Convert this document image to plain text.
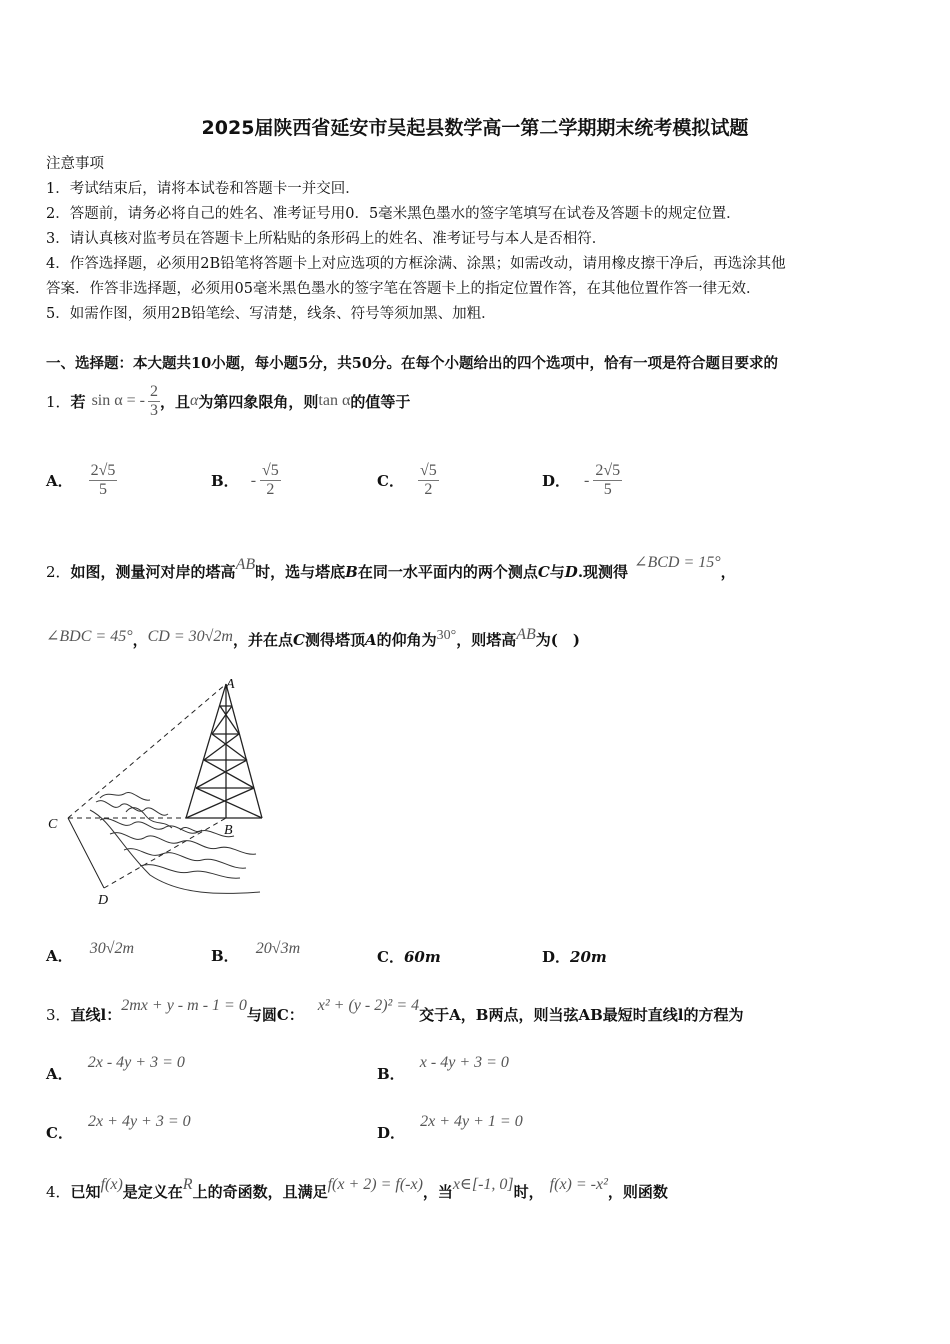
2025届陕西省延安市吴起县数学高一第二学期期末统考模拟试题
注意事项
1．考试结束后，请将本试卷和答题卡一并交回．
2．答题前，请务必将自己的姓名、准考证号用0．5毫米黑色墨水的签字笔填写在试卷及答题卡的规定位置．
3．请认真核对监考员在答题卡上所粘贴的条形码上的姓名、准考证号与本人是否相符．
4．作答选择题，必须用2B铅笔将答题卡上对应选项的方框涂满、涂黑；如需改动，请用橡皮擦干净后，再选涂其他
答案．作答非选择题，必须用05毫米黑色墨水的签字笔在答题卡上的指定位置作答，在其他位置作答一律无效．
5．如需作图，须用2B铅笔绘、写清楚，线条、符号等须加黑、加粗．
一、选择题：本大题共10小题，每小题5分，共50分。在每个小题给出的四个选项中，恰有一项是符合题目要求的
1． 若 sin α = - $\frac{2}{3}$ ，且 α 为第四象限角，则 tan α 的值等于
A． $\frac{2√5}{5}$	B． - $\frac{√5}{2}$	C． $\frac{√5}{2}$	D． - $\frac{2√5}{5}$
2．如图，测量河对岸的塔高AB时，选与塔底B在同一水平面内的两个测点C与D.现测得∠BCD = 15°，
∠BDC = 45°，CD = 30√2m，并在点C测得塔顶A的仰角为30°，则塔高AB为(　)
A
B
C
D
A． 30√2m	B． 20√3m	C．60m	D．20m
3．直线l：2mx + y - m - 1 = 0与圆C：x² + (y - 2)² = 4交于A，B两点，则当弦AB最短时直线l的方程为
A． 2x - 4y + 3 = 0
B． x - 4y + 3 = 0
C． 2x + 4y + 3 = 0
D． 2x + 4y + 1 = 0
4．已知f(x)是定义在R上的奇函数，且满足f(x + 2) = f(-x)，当x∈[-1, 0]时， f(x) = -x²，则函数
